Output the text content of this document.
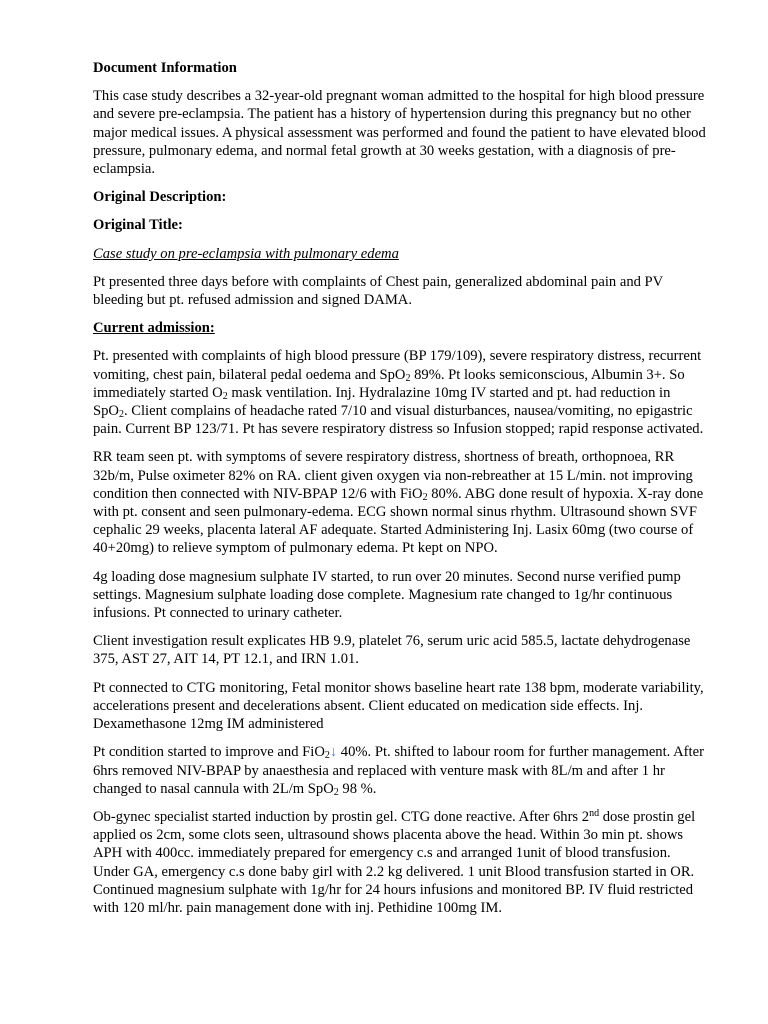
Document Information

This case study describes a 32-year-old pregnant woman admitted to the hospital for high blood pressure and severe pre-eclampsia. The patient has a history of hypertension during this pregnancy but no other major medical issues. A physical assessment was performed and found the patient to have elevated blood pressure, pulmonary edema, and normal fetal growth at 30 weeks gestation, with a diagnosis of pre-eclampsia.

Original Description:

Original Title:

Case study on pre-eclampsia with pulmonary edema

Pt presented three days before with complaints of Chest pain, generalized abdominal pain and PV bleeding but pt. refused admission and signed DAMA.

Current admission:

Pt. presented with complaints of high blood pressure (BP 179/109), severe respiratory distress, recurrent vomiting, chest pain, bilateral pedal oedema and SpO$_2$ 89%. Pt looks semiconscious, Albumin 3+. So immediately started $O_2$ mask ventilation. Inj. Hydralazine 10mg IV started and pt. had reduction in SpO$_2$. Client complains of headache rated 7/10 and visual disturbances, nausea/vomiting, no epigastric pain. Current BP 123/71. Pt has severe respiratory distress so Infusion stopped; rapid response activated.

RR team seen pt. with symptoms of severe respiratory distress, shortness of breath, orthopnoea, RR 32b/m, Pulse oximeter 82% on RA. client given oxygen via non-rebreather at 15 L/min. not improving condition then connected with NIV-BPAP 12/6 with FiO$_2$ 80%. ABG done result of hypoxia. X-ray done with pt. consent and seen pulmonary-edema. ECG shown normal sinus rhythm. Ultrasound shown SVF cephalic 29 weeks, placenta lateral AF adequate. Started Administering Inj. Lasix 60mg (two course of 40+20mg) to relieve symptom of pulmonary edema. Pt kept on NPO.

4g loading dose magnesium sulphate IV started, to run over 20 minutes. Second nurse verified pump settings. Magnesium sulphate loading dose complete. Magnesium rate changed to 1g/hr continuous infusions. Pt connected to urinary catheter.

Client investigation result explicates HB 9.9, platelet 76, serum uric acid 585.5, lactate dehydrogenase 375, AST 27, AIT 14, PT 12.1, and IRN 1.01.

Pt connected to CTG monitoring, Fetal monitor shows baseline heart rate 138 bpm, moderate variability, accelerations present and decelerations absent. Client educated on medication side effects. Inj. Dexamethasone 12mg IM administered

Pt condition started to improve and FiO$_2$↓ 40%. Pt. shifted to labour room for further management. After 6hrs removed NIV-BPAP by anaesthesia and replaced with venture mask with 8L/m and after 1 hr changed to nasal cannula with 2L/m SpO$_2$ 98 %.

Ob-gynec specialist started induction by prostin gel. CTG done reactive. After 6hrs 2nd dose prostin gel applied os 2cm, some clots seen, ultrasound shows placenta above the head. Within 3o min pt. shows APH with 400cc. immediately prepared for emergency c.s and arranged 1unit of blood transfusion. Under GA, emergency c.s done baby girl with 2.2 kg delivered. 1 unit Blood transfusion started in OR. Continued magnesium sulphate with 1g/hr for 24 hours infusions and monitored BP. IV fluid restricted with 120 ml/hr. pain management done with inj. Pethidine 100mg IM.
